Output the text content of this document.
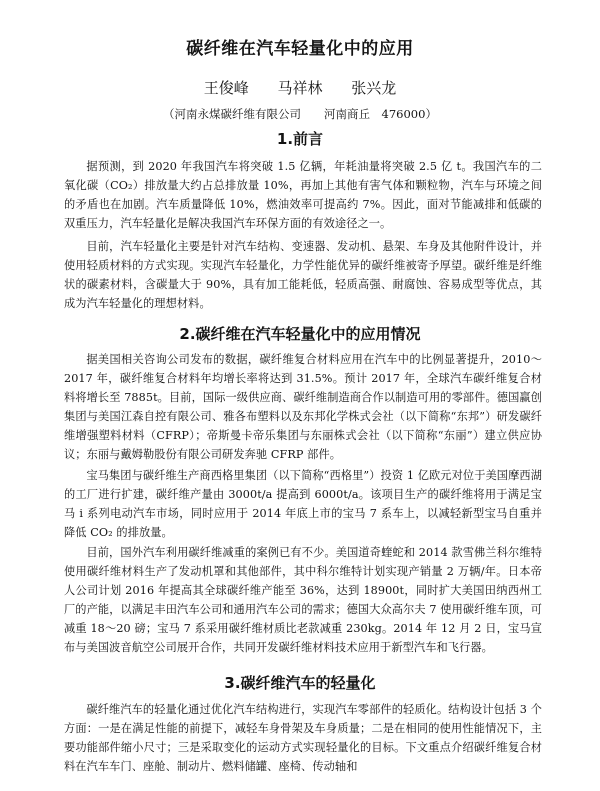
碳纤维在汽车轻量化中的应用
王俊峰 马祥林 张兴龙
（河南永煤碳纤维有限公司　　河南商丘　476000）
1.前言
据预测，到 2020 年我国汽车将突破 1.5 亿辆，年耗油量将突破 2.5 亿 t。我国汽车的二氧化碳（CO₂）排放量大约占总排放量 10%，再加上其他有害气体和颗粒物，汽车与环境之间的矛盾也在加剧。汽车质量降低 10%，燃油效率可提高约 7%。因此，面对节能减排和低碳的双重压力，汽车轻量化是解决我国汽车环保方面的有效途径之一。
目前，汽车轻量化主要是针对汽车结构、变速器、发动机、悬架、车身及其他附件设计，并使用轻质材料的方式实现。实现汽车轻量化，力学性能优异的碳纤维被寄予厚望。碳纤维是纤维状的碳素材料，含碳量大于 90%，具有加工能耗低，轻质高强、耐腐蚀、容易成型等优点，其成为汽车轻量化的理想材料。
2.碳纤维在汽车轻量化中的应用情况
据美国相关咨询公司发布的数据，碳纤维复合材料应用在汽车中的比例显著提升，2010～2017 年，碳纤维复合材料年均增长率将达到 31.5%。预计 2017 年，全球汽车碳纤维复合材料将增长至 7885t。目前，国际一级供应商、碳纤维制造商合作以制造可用的零部件。德国赢创集团与美国江森自控有限公司、雅各布塑料以及东邦化学株式会社（以下简称“东邦”）研发碳纤维增强塑料材料（CFRP）；帝斯曼卡帝乐集团与东丽株式会社（以下简称“东丽”）建立供应协议；东丽与戴姆勒股份有限公司研发奔驰 CFRP 部件。
宝马集团与碳纤维生产商西格里集团（以下简称“西格里”）投资 1 亿欧元对位于美国摩西湖的工厂进行扩建，碳纤维产量由 3000t/a 提高到 6000t/a。该项目生产的碳纤维将用于满足宝马 i 系列电动汽车市场，同时应用于 2014 年底上市的宝马 7 系车上，以减轻新型宝马自重并降低 CO₂ 的排放量。
目前，国外汽车利用碳纤维减重的案例已有不少。美国道奇蝰蛇和 2014 款雪佛兰科尔维特使用碳纤维材料生产了发动机罩和其他部件，其中科尔维特计划实现产销量 2 万辆/年。日本帝人公司计划 2016 年提高其全球碳纤维产能至 36%，达到 18900t，同时扩大美国田纳西州工厂的产能，以满足丰田汽车公司和通用汽车公司的需求；德国大众高尔夫 7 使用碳纤维车顶，可减重 18～20 磅；宝马 7 系采用碳纤维材质比老款减重 230kg。2014 年 12 月 2 日，宝马宣布与美国波音航空公司展开合作，共同开发碳纤维材料技术应用于新型汽车和飞行器。
3.碳纤维汽车的轻量化
碳纤维汽车的轻量化通过优化汽车结构进行，实现汽车零部件的轻质化。结构设计包括 3 个方面：一是在满足性能的前提下，减轻车身骨架及车身质量；二是在相同的使用性能情况下，主要功能部件缩小尺寸；三是采取变化的运动方式实现轻量化的目标。下文重点介绍碳纤维复合材料在汽车车门、座舱、制动片、燃料储罐、座椅、传动轴和
